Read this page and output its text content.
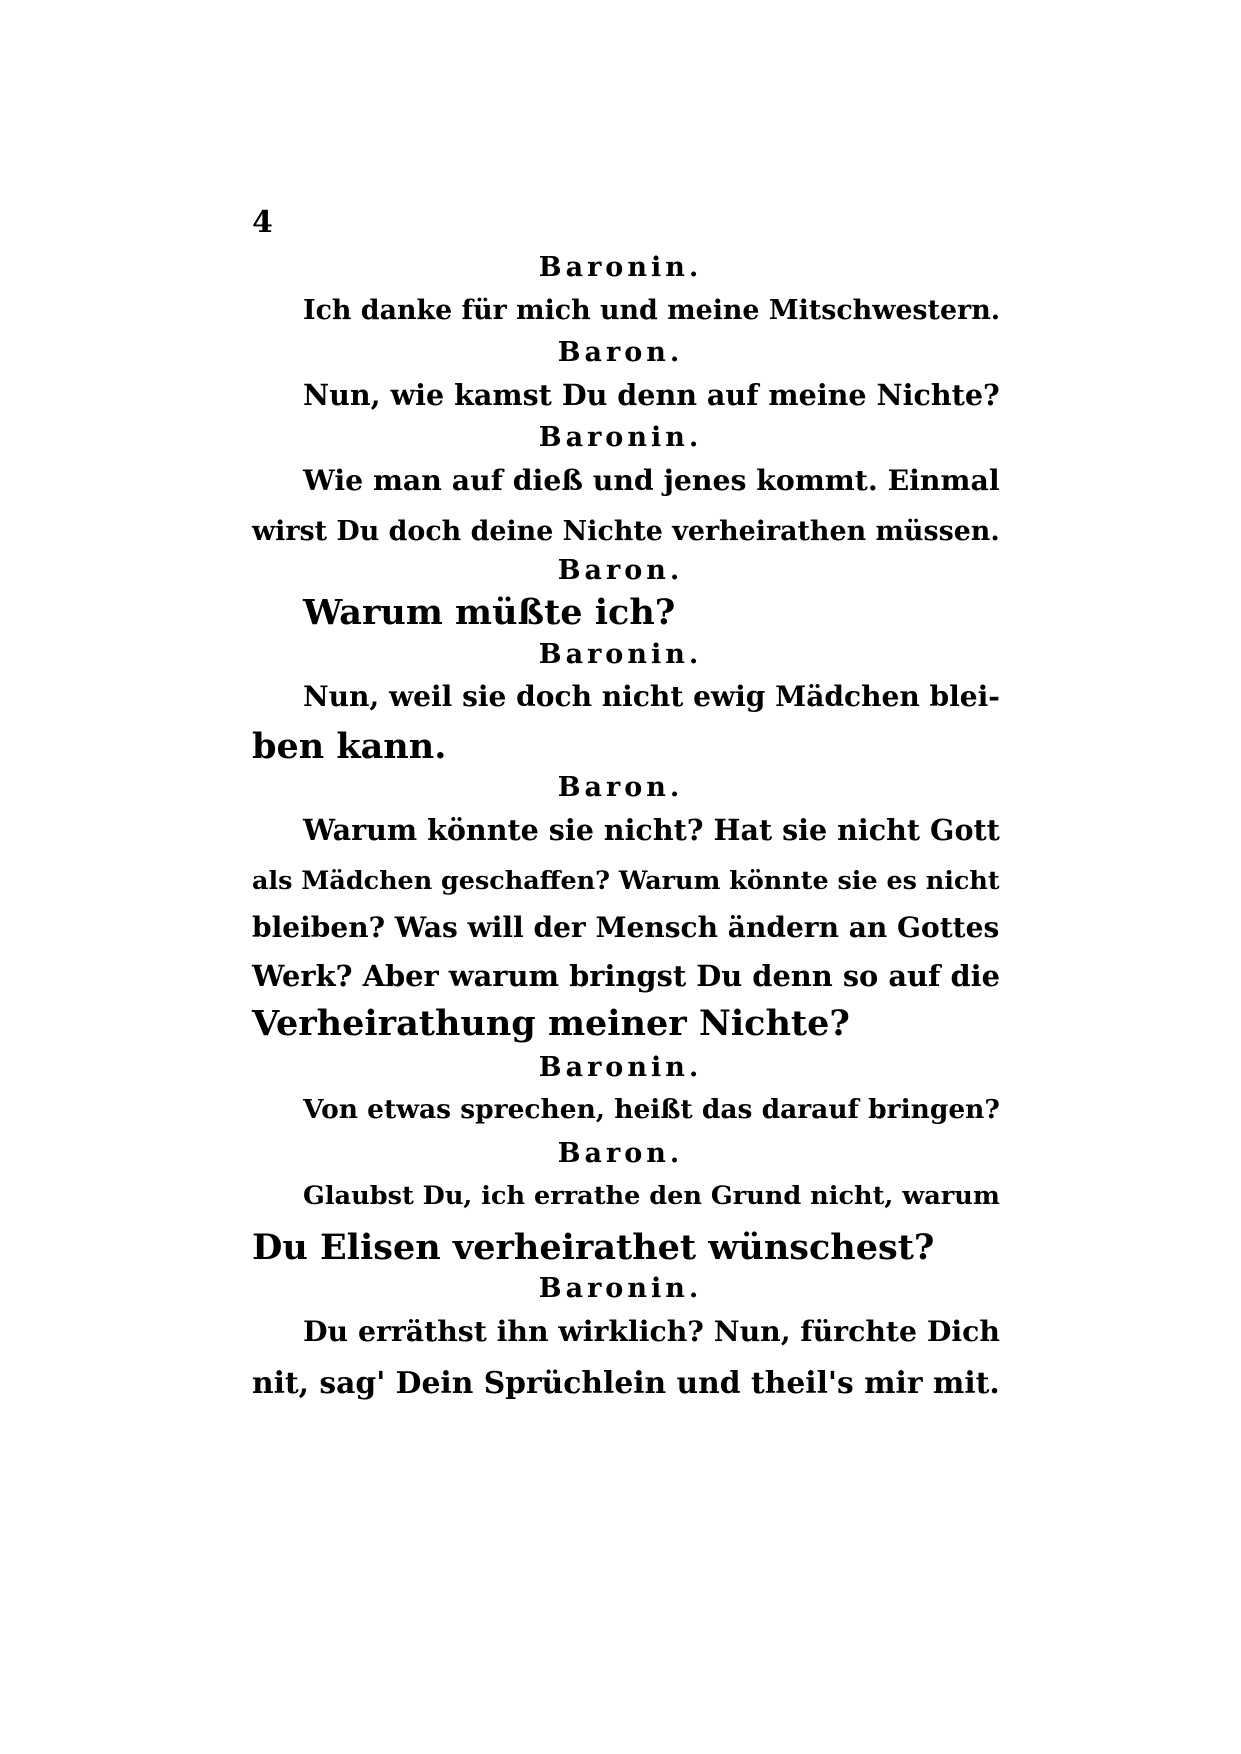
4
Baronin.
Ich danke für mich und meine Mitschwestern.
Baron.
Nun, wie kamst Du denn auf meine Nichte?
Baronin.
Wie man auf dieß und jenes kommt. Einmal
wirst Du doch deine Nichte verheirathen müssen.
Baron.
Warum müßte ich?
Baronin.
Nun, weil sie doch nicht ewig Mädchen blei-
ben kann.
Baron.
Warum könnte sie nicht? Hat sie nicht Gott
als Mädchen geschaffen? Warum könnte sie es nicht
bleiben? Was will der Mensch ändern an Gottes
Werk? Aber warum bringst Du denn so auf die
Verheirathung meiner Nichte?
Baronin.
Von etwas sprechen, heißt das darauf bringen?
Baron.
Glaubst Du, ich errathe den Grund nicht, warum
Du Elisen verheirathet wünschest?
Baronin.
Du erräthst ihn wirklich? Nun, fürchte Dich
nit, sag' Dein Sprüchlein und theil's mir mit.
